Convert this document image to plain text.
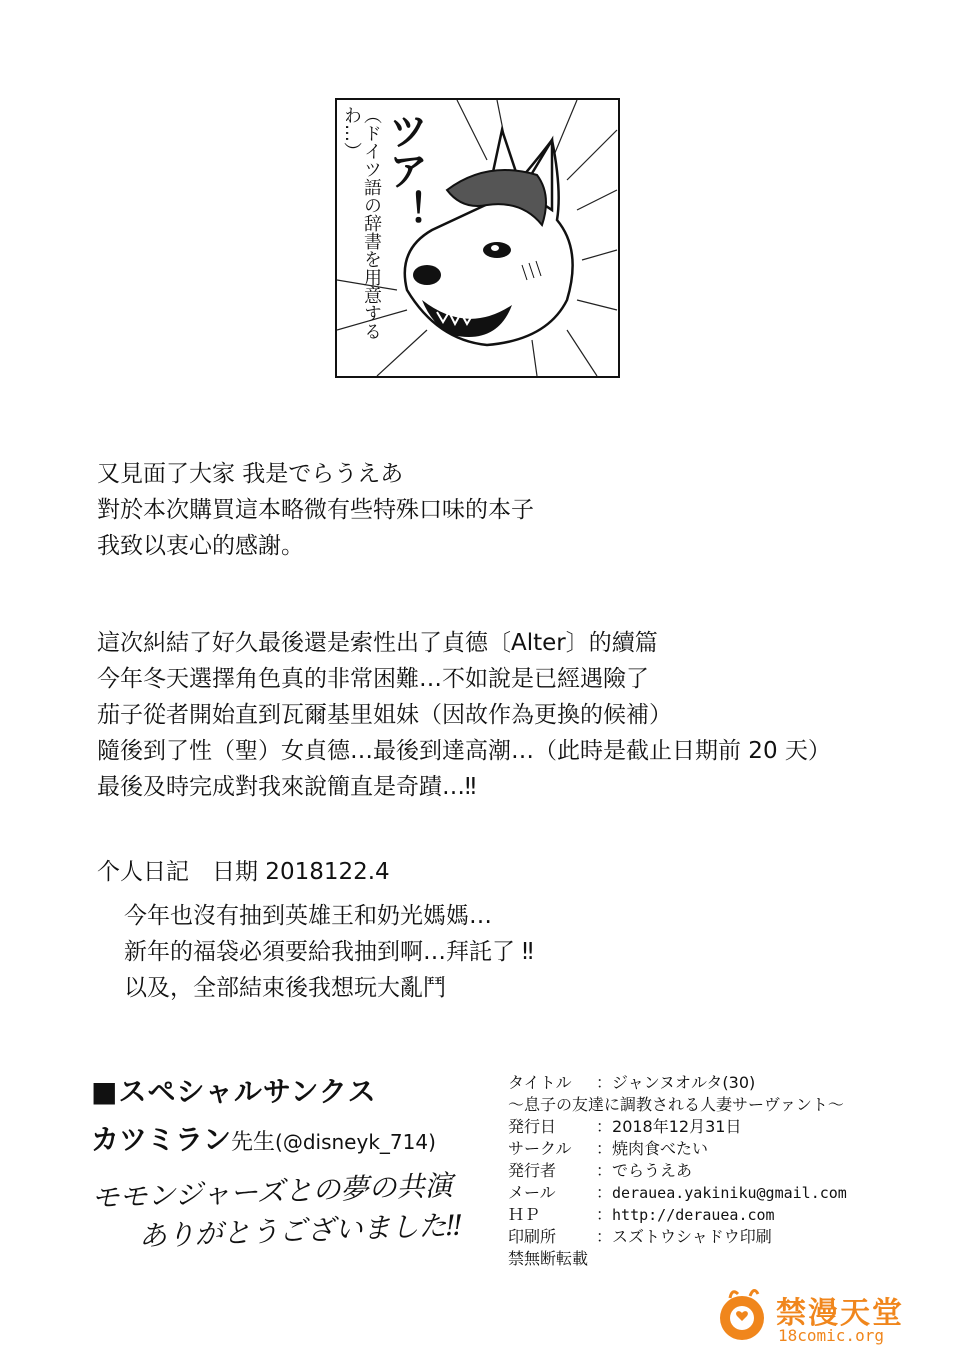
ツア！
（ドイツ語の辞書を用意するわ…）
又見面了大家 我是でらうえあ
對於本次購買這本略微有些特殊口味的本子
我致以衷心的感謝。
這次糾結了好久最後還是索性出了貞德〔Alter〕的續篇
今年冬天選擇角色真的非常困難…不如說是已經遇險了
茄子從者開始直到瓦爾基里姐妹（因故作為更換的候補）
隨後到了性（聖）女貞德…最後到達高潮…（此時是截止日期前 20 天）
最後及時完成對我來說簡直是奇蹟…‼
个人日記　日期 2018122.4
今年也沒有抽到英雄王和奶光媽媽…
新年的福袋必須要給我抽到啊…拜託了 ‼
以及，全部結束後我想玩大亂鬥
■スペシャルサンクス
カツミラン先生(@disneyk_714)
モモンジャーズとの夢の共演
ありがとうございました‼
タイトル ：ジャンヌオルタ(30)
〜息子の友達に調教される人妻サーヴァント〜
発行日 ：2018年12月31日
サークル ：焼肉食べたい
発行者 ：でらうえあ
メール	：derauea.yakiniku@gmail.com
ＨＰ	：http://derauea.com
印刷所 ：スズトウシャドウ印刷
禁無断転載
禁漫天堂
18comic.org
